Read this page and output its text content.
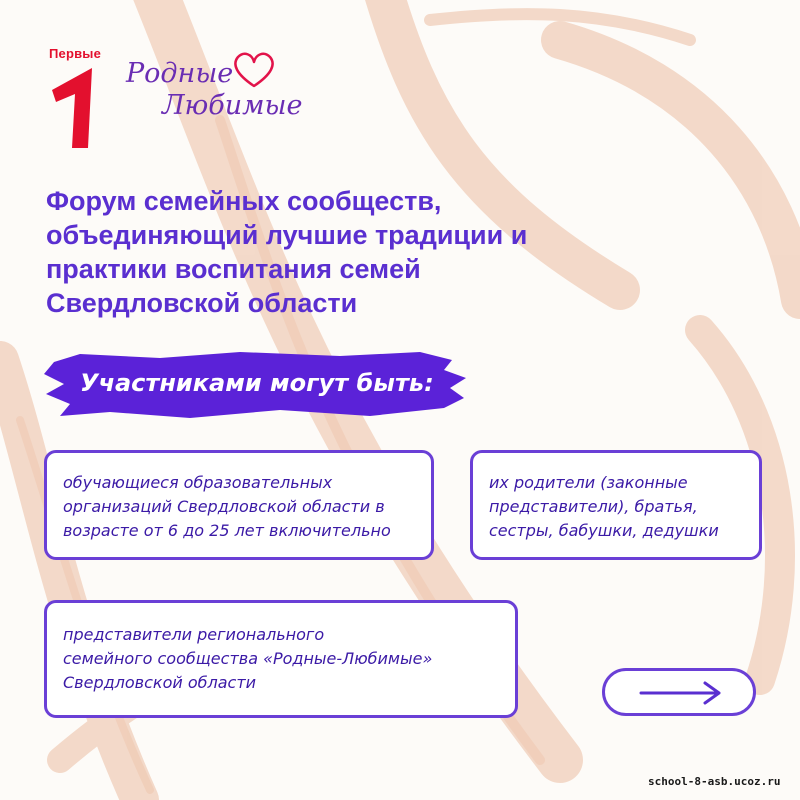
Первые
Родные
Любимые
Форум семейных сообществ,
объединяющий лучшие традиции и
практики воспитания семей
Свердловской области
Участниками могут быть:
обучающиеся образовательных
организаций Свердловской области в
возрасте от 6 до 25 лет включительно
их родители (законные
представители), братья,
сестры, бабушки, дедушки
представители регионального
семейного сообщества «Родные-Любимые»
Свердловской области
school-8-asb.ucoz.ru
